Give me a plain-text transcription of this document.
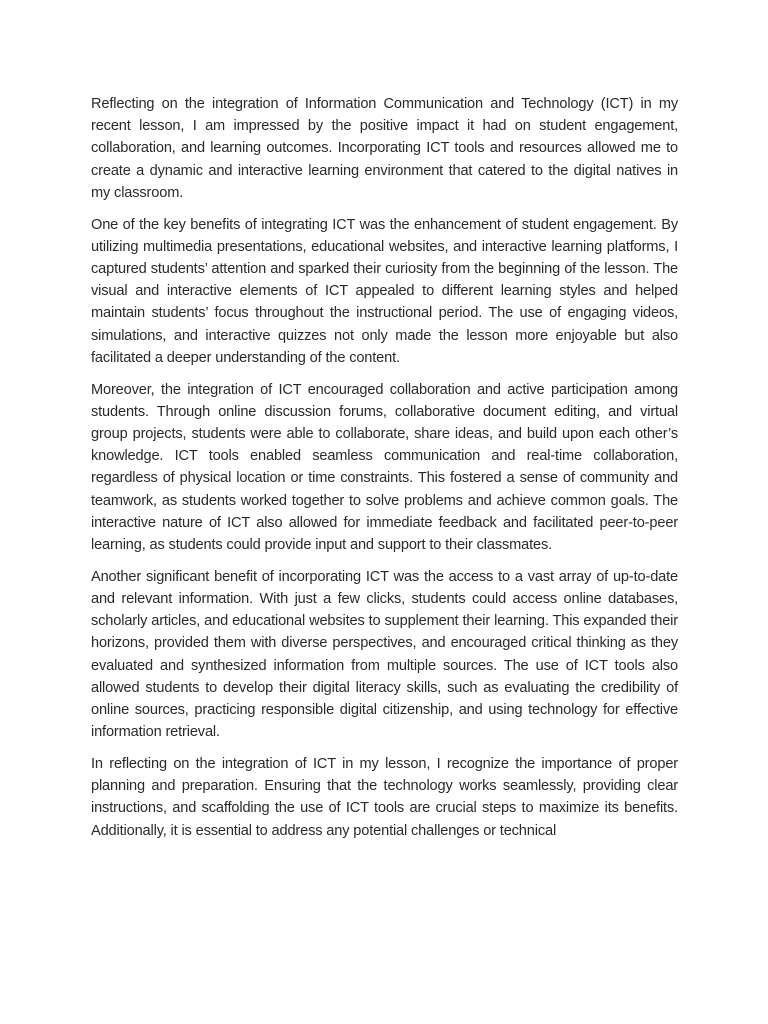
Reflecting on the integration of Information Communication and Technology (ICT) in my recent lesson, I am impressed by the positive impact it had on student engagement, collaboration, and learning outcomes. Incorporating ICT tools and resources allowed me to create a dynamic and interactive learning environment that catered to the digital natives in my classroom.

One of the key benefits of integrating ICT was the enhancement of student engagement. By utilizing multimedia presentations, educational websites, and interactive learning platforms, I captured students’ attention and sparked their curiosity from the beginning of the lesson. The visual and interactive elements of ICT appealed to different learning styles and helped maintain students’ focus throughout the instructional period. The use of engaging videos, simulations, and interactive quizzes not only made the lesson more enjoyable but also facilitated a deeper understanding of the content.

Moreover, the integration of ICT encouraged collaboration and active participation among students. Through online discussion forums, collaborative document editing, and virtual group projects, students were able to collaborate, share ideas, and build upon each other’s knowledge. ICT tools enabled seamless communication and real-time collaboration, regardless of physical location or time constraints. This fostered a sense of community and teamwork, as students worked together to solve problems and achieve common goals. The interactive nature of ICT also allowed for immediate feedback and facilitated peer-to-peer learning, as students could provide input and support to their classmates.

Another significant benefit of incorporating ICT was the access to a vast array of up-to-date and relevant information. With just a few clicks, students could access online databases, scholarly articles, and educational websites to supplement their learning. This expanded their horizons, provided them with diverse perspectives, and encouraged critical thinking as they evaluated and synthesized information from multiple sources. The use of ICT tools also allowed students to develop their digital literacy skills, such as evaluating the credibility of online sources, practicing responsible digital citizenship, and using technology for effective information retrieval.

In reflecting on the integration of ICT in my lesson, I recognize the importance of proper planning and preparation. Ensuring that the technology works seamlessly, providing clear instructions, and scaffolding the use of ICT tools are crucial steps to maximize its benefits. Additionally, it is essential to address any potential challenges or technical
